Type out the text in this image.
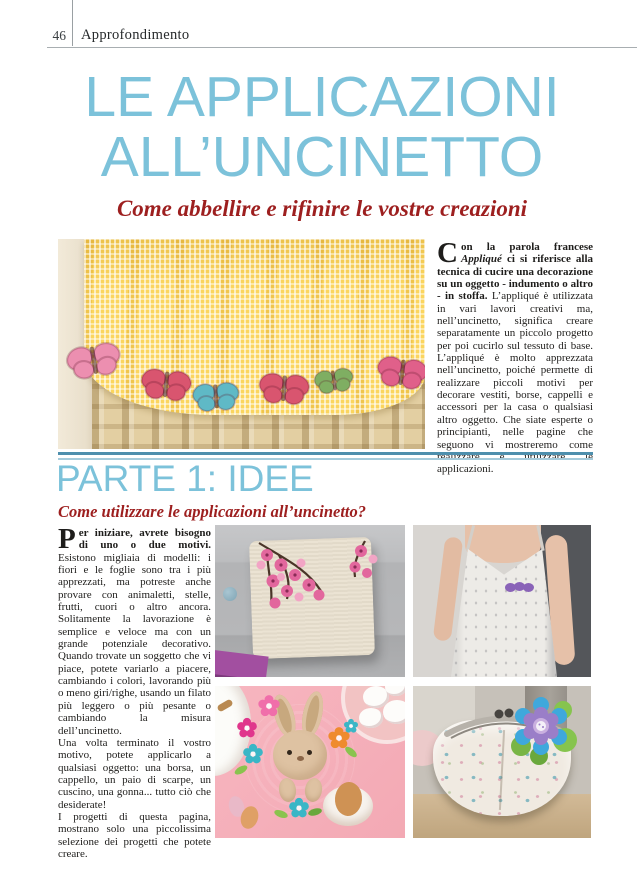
46 Approfondimento
LE APPLICAZIONI
ALL’UNCINETTO
Come abbellire e rifinire le vostre creazioni

Con la parola francese Appliqué ci si riferisce alla tecnica di cucire una decorazione su un oggetto - indumento o altro - in stoffa. L’appliqué è utilizzata in vari lavori creativi ma, nell’uncinetto, significa creare separatamente un piccolo progetto per poi cucirlo sul tessuto di base. L’appliqué è molto apprezzata nell’uncinetto, poiché permette di realizzare piccoli motivi per decorare vestiti, borse, cappelli e accessori per la casa o qualsiasi altro oggetto. Che siate esperte o principianti, nelle pagine che seguono vi mostreremo come realizzare e utilizzare le applicazioni.

PARTE 1: IDEE
Come utilizzare le applicazioni all’uncinetto?

Per iniziare, avrete bisogno di uno o due motivi. Esistono migliaia di modelli: i fiori e le foglie sono tra i più apprezzati, ma potreste anche provare con animaletti, stelle, frutti, cuori o altro ancora. Solitamente la lavorazione è semplice e veloce ma con un grande potenziale decorativo. Quando trovate un soggetto che vi piace, potete variarlo a piacere, cambiando i colori, lavorando più o meno giri/righe, usando un filato più leggero o più pesante o cambiando la misura dell’uncinetto.

Una volta terminato il vostro motivo, potete applicarlo a qualsiasi oggetto: una borsa, un cappello, un paio di scarpe, un cuscino, una gonna... tutto ciò che desiderate!

I progetti di questa pagina, mostrano solo una piccolissima selezione dei progetti che potete creare.
